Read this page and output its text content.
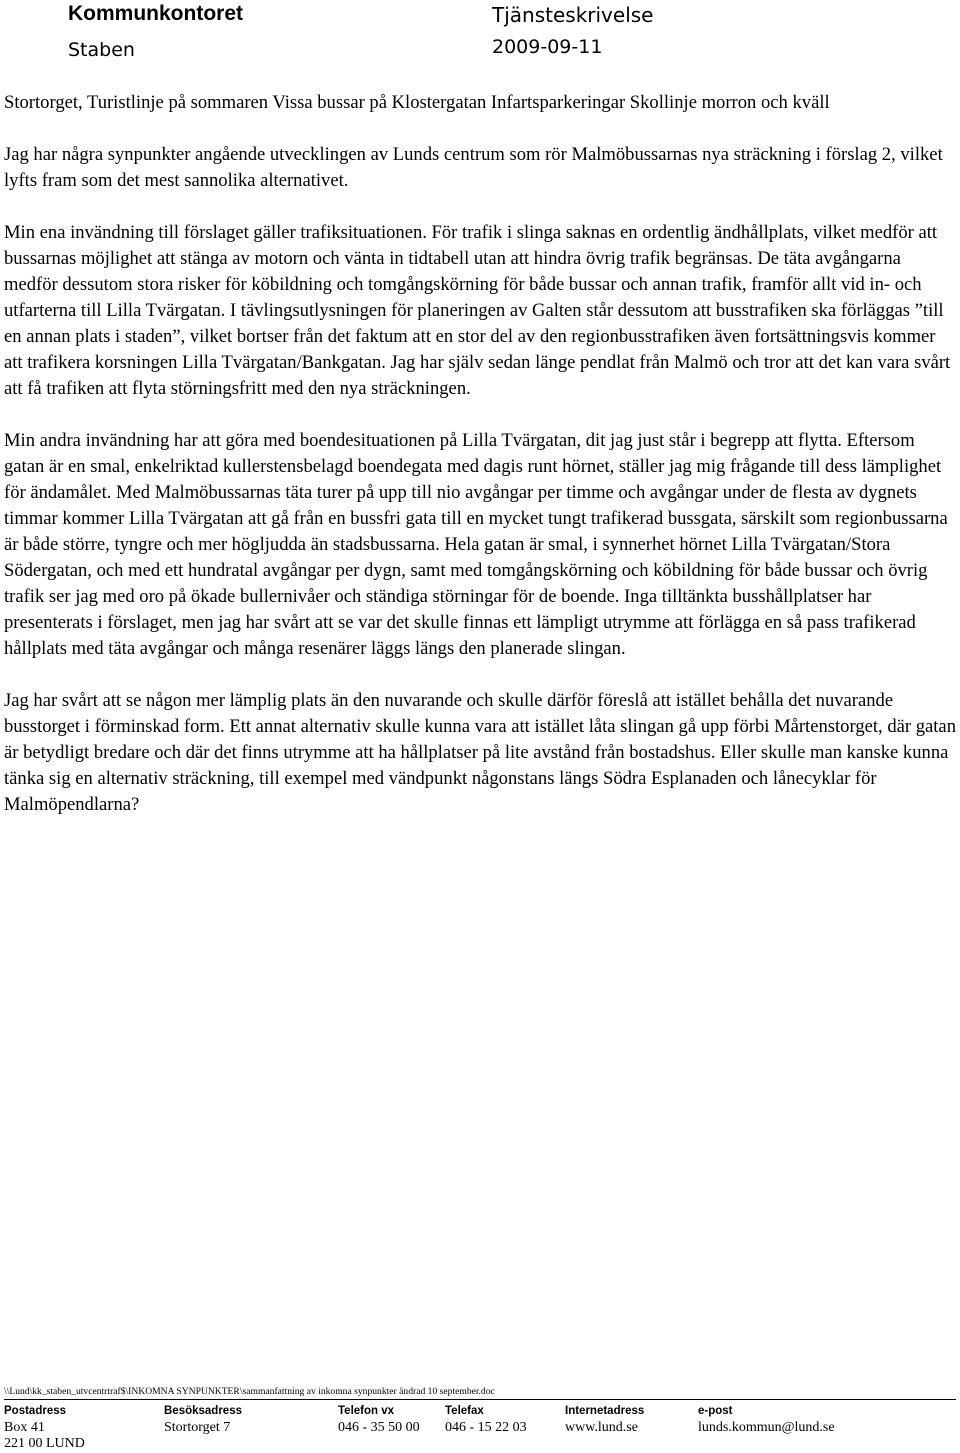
Kommunkontoret
Staben
Tjänsteskrivelse
2009-09-11

Stortorget, Turistlinje på sommaren Vissa bussar på Klostergatan Infartsparkeringar Skollinje morron och kväll

Jag har några synpunkter angående utvecklingen av Lunds centrum som rör Malmöbussarnas nya sträckning i förslag 2, vilket lyfts fram som det mest sannolika alternativet.

Min ena invändning till förslaget gäller trafiksituationen. För trafik i slinga saknas en ordentlig ändhållplats, vilket medför att bussarnas möjlighet att stänga av motorn och vänta in tidtabell utan att hindra övrig trafik begränsas. De täta avgångarna medför dessutom stora risker för köbildning och tomgångskörning för både bussar och annan trafik, framför allt vid in- och utfarterna till Lilla Tvärgatan. I tävlingsutlysningen för planeringen av Galten står dessutom att busstrafiken ska förläggas ”till en annan plats i staden”, vilket bortser från det faktum att en stor del av den regionbusstrafiken även fortsättningsvis kommer att trafikera korsningen Lilla Tvärgatan/Bankgatan. Jag har själv sedan länge pendlat från Malmö och tror att det kan vara svårt att få trafiken att flyta störningsfritt med den nya sträckningen.

Min andra invändning har att göra med boendesituationen på Lilla Tvärgatan, dit jag just står i begrepp att flytta. Eftersom gatan är en smal, enkelriktad kullerstensbelagd boendegata med dagis runt hörnet, ställer jag mig frågande till dess lämplighet för ändamålet. Med Malmöbussarnas täta turer på upp till nio avgångar per timme och avgångar under de flesta av dygnets timmar kommer Lilla Tvärgatan att gå från en bussfri gata till en mycket tungt trafikerad bussgata, särskilt som regionbussarna är både större, tyngre och mer högljudda än stadsbussarna. Hela gatan är smal, i synnerhet hörnet Lilla Tvärgatan/Stora Södergatan, och med ett hundratal avgångar per dygn, samt med tomgångskörning och köbildning för både bussar och övrig trafik ser jag med oro på ökade bullernivåer och ständiga störningar för de boende. Inga tilltänkta busshållplatser har presenterats i förslaget, men jag har svårt att se var det skulle finnas ett lämpligt utrymme att förlägga en så pass trafikerad hållplats med täta avgångar och många resenärer läggs längs den planerade slingan.

Jag har svårt att se någon mer lämplig plats än den nuvarande och skulle därför föreslå att istället behålla det nuvarande busstorget i förminskad form. Ett annat alternativ skulle kunna vara att istället låta slingan gå upp förbi Mårtenstorget, där gatan är betydligt bredare och där det finns utrymme att ha hållplatser på lite avstånd från bostadshus. Eller skulle man kanske kunna tänka sig en alternativ sträckning, till exempel med vändpunkt någonstans längs Södra Esplanaden och lånecyklar för Malmöpendlarna?

\\Lund\kk_staben_utvcentrtraf$\INKOMNA SYNPUNKTER\sammanfattning av inkomna synpunkter ändrad 10 september.doc
Postadress
Box 41
221 00 LUND
Besöksadress
Stortorget 7
Telefon vx
046 - 35 50 00
Telefax
046 - 15 22 03
Internetadress
www.lund.se
e-post
lunds.kommun@lund.se
